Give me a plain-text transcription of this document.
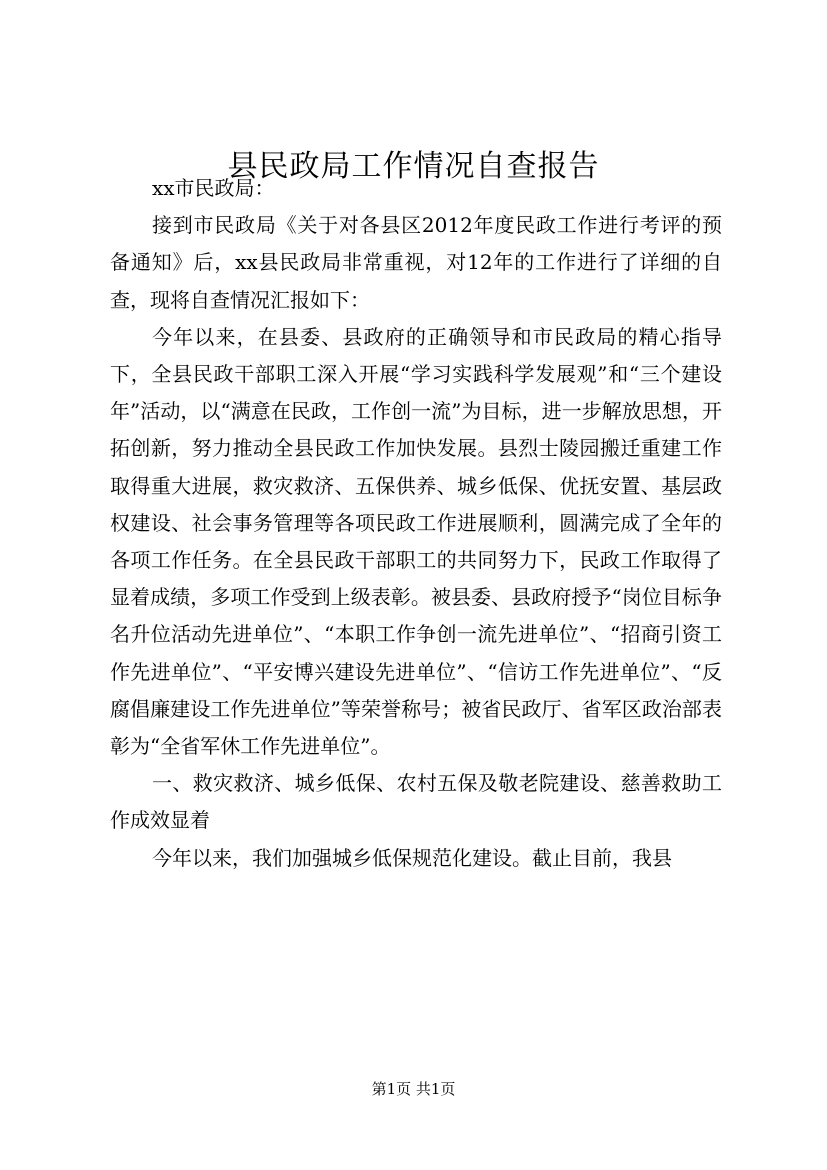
县民政局工作情况自查报告

xx市民政局：

接到市民政局《关于对各县区2012年度民政工作进行考评的预备通知》后，xx县民政局非常重视，对12年的工作进行了详细的自查，现将自查情况汇报如下：

今年以来，在县委、县政府的正确领导和市民政局的精心指导下，全县民政干部职工深入开展“学习实践科学发展观”和“三个建设年”活动，以“满意在民政，工作创一流”为目标，进一步解放思想，开拓创新，努力推动全县民政工作加快发展。县烈士陵园搬迁重建工作取得重大进展，救灾救济、五保供养、城乡低保、优抚安置、基层政权建设、社会事务管理等各项民政工作进展顺利，圆满完成了全年的各项工作任务。在全县民政干部职工的共同努力下，民政工作取得了显着成绩，多项工作受到上级表彰。被县委、县政府授予“岗位目标争名升位活动先进单位”、“本职工作争创一流先进单位”、“招商引资工作先进单位”、“平安博兴建设先进单位”、“信访工作先进单位”、“反腐倡廉建设工作先进单位”等荣誉称号；被省民政厅、省军区政治部表彰为“全省军休工作先进单位”。

一、救灾救济、城乡低保、农村五保及敬老院建设、慈善救助工作成效显着

今年以来，我们加强城乡低保规范化建设。截止目前，我县

第1页 共1页
